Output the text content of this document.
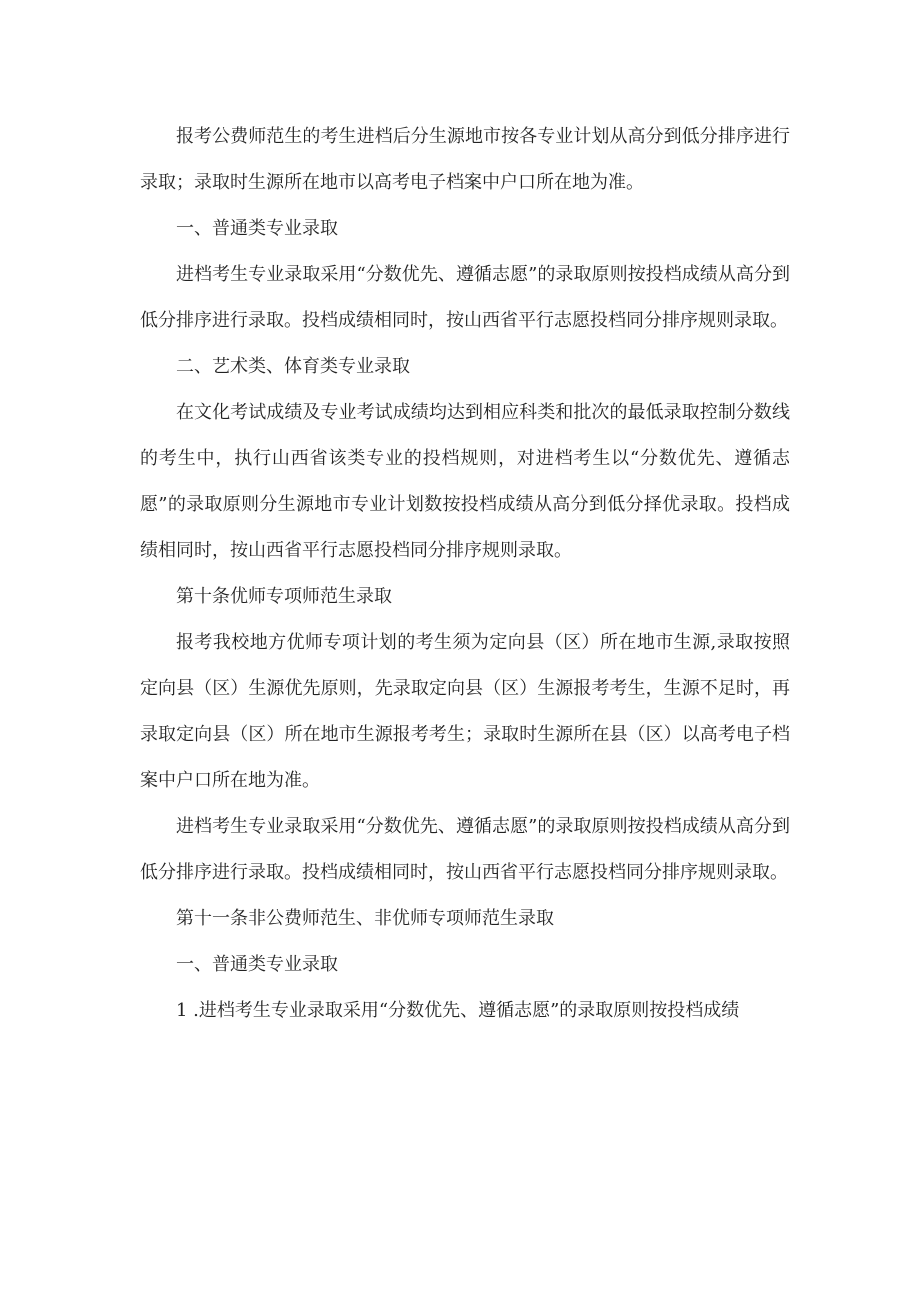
报考公费师范生的考生进档后分生源地市按各专业计划从高分到低分排序进行录取；录取时生源所在地市以高考电子档案中户口所在地为准。

一、普通类专业录取

进档考生专业录取采用“分数优先、遵循志愿”的录取原则按投档成绩从高分到低分排序进行录取。投档成绩相同时，按山西省平行志愿投档同分排序规则录取。

二、艺术类、体育类专业录取

在文化考试成绩及专业考试成绩均达到相应科类和批次的最低录取控制分数线的考生中，执行山西省该类专业的投档规则，对进档考生以“分数优先、遵循志愿”的录取原则分生源地市专业计划数按投档成绩从高分到低分择优录取。投档成绩相同时，按山西省平行志愿投档同分排序规则录取。

第十条优师专项师范生录取

报考我校地方优师专项计划的考生须为定向县（区）所在地市生源,录取按照定向县（区）生源优先原则，先录取定向县（区）生源报考考生，生源不足时，再录取定向县（区）所在地市生源报考考生；录取时生源所在县（区）以高考电子档案中户口所在地为准。

进档考生专业录取采用“分数优先、遵循志愿”的录取原则按投档成绩从高分到低分排序进行录取。投档成绩相同时，按山西省平行志愿投档同分排序规则录取。

第十一条非公费师范生、非优师专项师范生录取

一、普通类专业录取

1 .进档考生专业录取采用“分数优先、遵循志愿”的录取原则按投档成绩
